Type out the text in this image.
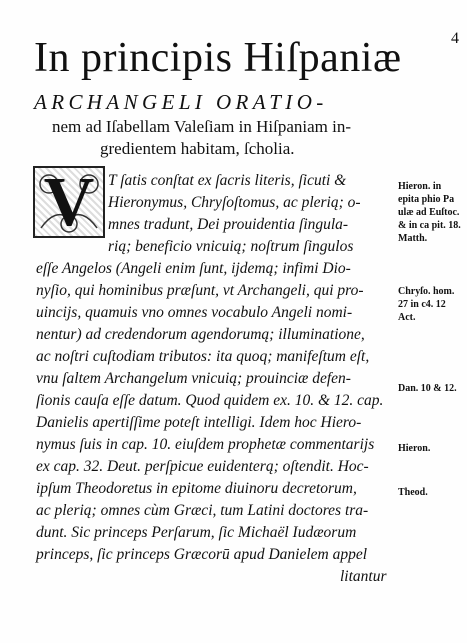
4
In principis Hiſpaniæ
ARCHANGELI ORATIO-
nem ad Iſabellam Valeſiam in Hiſpaniam in-
gredientem habitam, ſcholia.
V T ſatis conſtat ex ſacris literis, ſicuti &
Hieronymus, Chryſoſtomus, ac plerią; o-
mnes tradunt, Dei prouidentia ſingula-
rią; beneficio vnicuią; noſtrum ſingulos
eſſe Angelos (Angeli enim ſunt, ijdemą; infimi Dio-
nyſio, qui hominibus præſunt, vt Archangeli, qui pro-
uincijs, quamuis vno omnes vocabulo Angeli nomi-
nentur) ad credendorum agendorumą; illuminatione,
ac noſtri cuſtodiam tributos: ita quoq; manifeſtum eſt,
vnu ſaltem Archangelum vnicuią; prouinciæ defen-
ſionis cauſa eſſe datum. Quod quidem ex. 10. & 12. cap.
Danielis apertiſſime poteſt intelligi. Idem hoc Hiero-
nymus ſuis in cap. 10. eiuſdem prophetæ commentarijs
ex cap. 32. Deut. perſpicue euidenterą; oſtendit. Hoc-
ipſum Theodoretus in epitome diuinoru decretorum,
ac plerią; omnes cùm Græci, tum Latini doctores tra-
dunt. Sic princeps Perſarum, ſic Michaël Iudæorum
princeps, ſic princeps Græcorū apud Danielem appel
litantur
Hieron. in epita phio Pa ulæ ad Euſtoc. & in ca pit. 18. Matth.
Chryſo. hom. 27 in c4. 12 Act.
Dan. 10 & 12.
Hieron.
Theod.
